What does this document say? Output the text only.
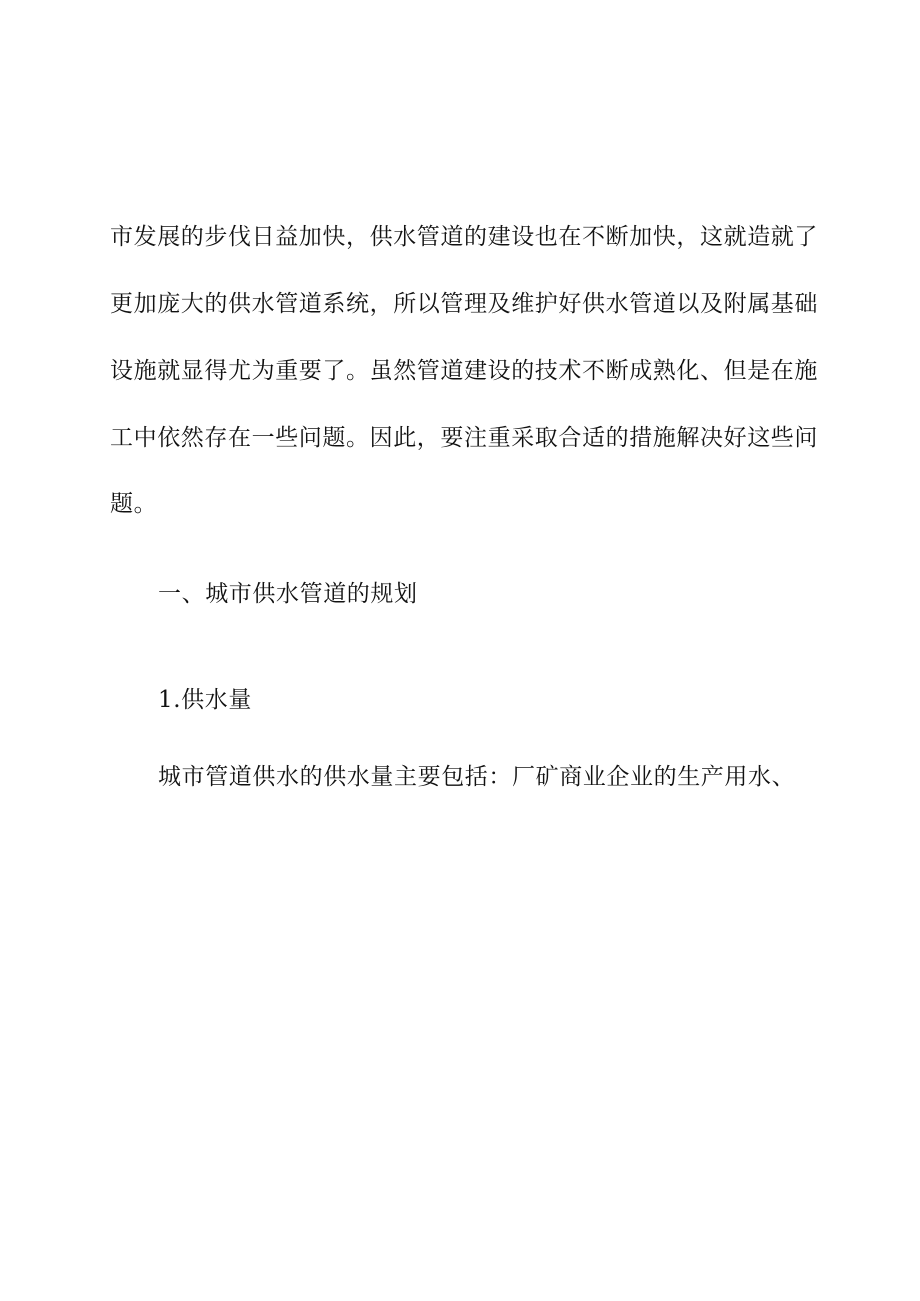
市发展的步伐日益加快，供水管道的建设也在不断加快，这就造就了
更加庞大的供水管道系统，所以管理及维护好供水管道以及附属基础
设施就显得尤为重要了。虽然管道建设的技术不断成熟化、但是在施
工中依然存在一些问题。因此，要注重采取合适的措施解决好这些问
题。
一、城市供水管道的规划
1.供水量
城市管道供水的供水量主要包括：厂矿商业企业的生产用水、
